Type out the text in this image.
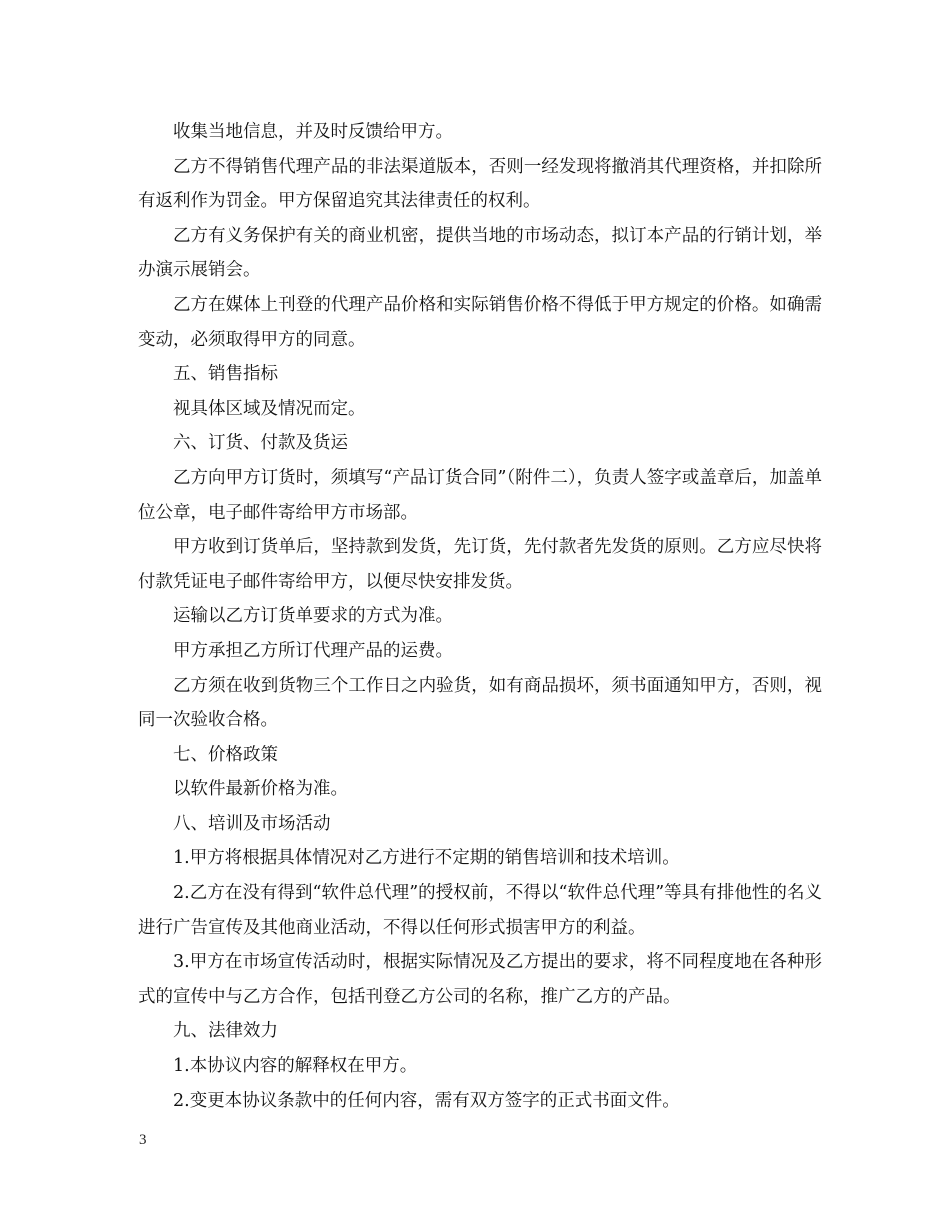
收集当地信息，并及时反馈给甲方。

乙方不得销售代理产品的非法渠道版本，否则一经发现将撤消其代理资格，并扣除所有返利作为罚金。甲方保留追究其法律责任的权利。

乙方有义务保护有关的商业机密，提供当地的市场动态，拟订本产品的行销计划，举办演示展销会。

乙方在媒体上刊登的代理产品价格和实际销售价格不得低于甲方规定的价格。如确需变动，必须取得甲方的同意。

五、销售指标

视具体区域及情况而定。

六、订货、付款及货运

乙方向甲方订货时，须填写“产品订货合同”（附件二），负责人签字或盖章后，加盖单位公章，电子邮件寄给甲方市场部。

甲方收到订货单后，坚持款到发货，先订货，先付款者先发货的原则。乙方应尽快将付款凭证电子邮件寄给甲方，以便尽快安排发货。

运输以乙方订货单要求的方式为准。

甲方承担乙方所订代理产品的运费。

乙方须在收到货物三个工作日之内验货，如有商品损坏，须书面通知甲方，否则，视同一次验收合格。

七、价格政策

以软件最新价格为准。

八、培训及市场活动

1.甲方将根据具体情况对乙方进行不定期的销售培训和技术培训。

2.乙方在没有得到“软件总代理”的授权前，不得以“软件总代理”等具有排他性的名义进行广告宣传及其他商业活动，不得以任何形式损害甲方的利益。

3.甲方在市场宣传活动时，根据实际情况及乙方提出的要求，将不同程度地在各种形式的宣传中与乙方合作，包括刊登乙方公司的名称，推广乙方的产品。

九、法律效力

1.本协议内容的解释权在甲方。

2.变更本协议条款中的任何内容，需有双方签字的正式书面文件。

3
